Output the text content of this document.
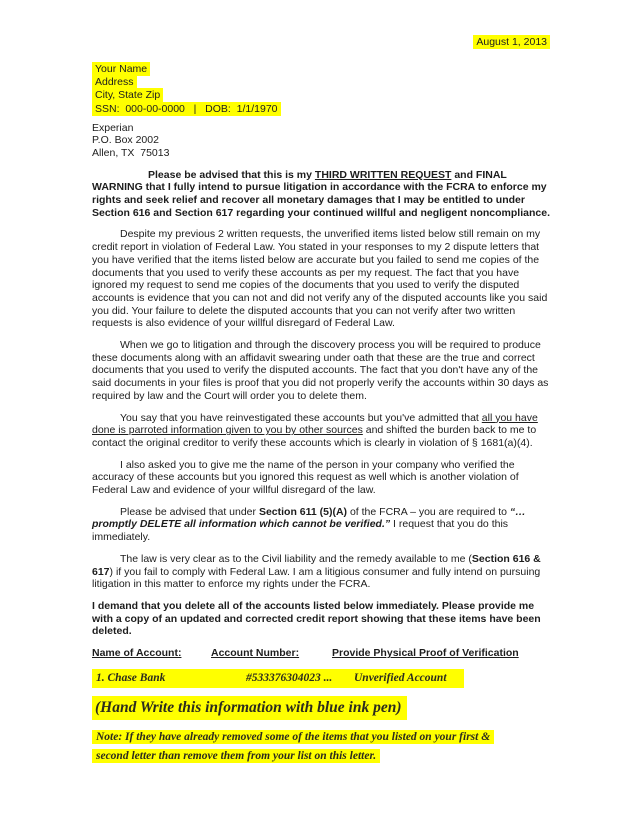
August 1, 2013
Your Name
Address
City, State Zip
SSN:  000-00-0000   |   DOB:  1/1/1970
Experian
P.O. Box 2002
Allen, TX  75013

Please be advised that this is my THIRD WRITTEN REQUEST and FINAL WARNING that I fully intend to pursue litigation in accordance with the FCRA to enforce my rights and seek relief and recover all monetary damages that I may be entitled to under Section 616 and Section 617 regarding your continued willful and negligent noncompliance.

Despite my previous 2 written requests, the unverified items listed below still remain on my credit report in violation of Federal Law. You stated in your responses to my 2 dispute letters that you have verified that the items listed below are accurate but you failed to send me copies of the documents that you used to verify these accounts as per my request. The fact that you have ignored my request to send me copies of the documents that you used to verify the disputed accounts is evidence that you can not and did not verify any of the disputed accounts like you said you did. Your failure to delete the disputed accounts that you can not verify after two written requests is also evidence of your willful disregard of Federal Law.

When we go to litigation and through the discovery process you will be required to produce these documents along with an affidavit swearing under oath that these are the true and correct documents that you used to verify the disputed accounts. The fact that you don't have any of the said documents in your files is proof that you did not properly verify the accounts within 30 days as required by law and the Court will order you to delete them.

You say that you have reinvestigated these accounts but you've admitted that all you have done is parroted information given to you by other sources and shifted the burden back to me to contact the original creditor to verify these accounts which is clearly in violation of § 1681(a)(4).

I also asked you to give me the name of the person in your company who verified the accuracy of these accounts but you ignored this request as well which is another violation of Federal Law and evidence of your willful disregard of the law.

Please be advised that under Section 611 (5)(A) of the FCRA – you are required to “…promptly DELETE all information which cannot be verified.” I request that you do this immediately.

The law is very clear as to the Civil liability and the remedy available to me (Section 616 & 617) if you fail to comply with Federal Law. I am a litigious consumer and fully intend on pursuing litigation in this matter to enforce my rights under the FCRA.

I demand that you delete all of the accounts listed below immediately. Please provide me with a copy of an updated and corrected credit report showing that these items have been deleted.

Name of Account:	Account Number:	Provide Physical Proof of Verification
1. Chase Bank	#533376304023 ...	Unverified Account
(Hand Write this information with blue ink pen)
Note: If they have already removed some of the items that you listed on your first &
second letter than remove them from your list on this letter.
